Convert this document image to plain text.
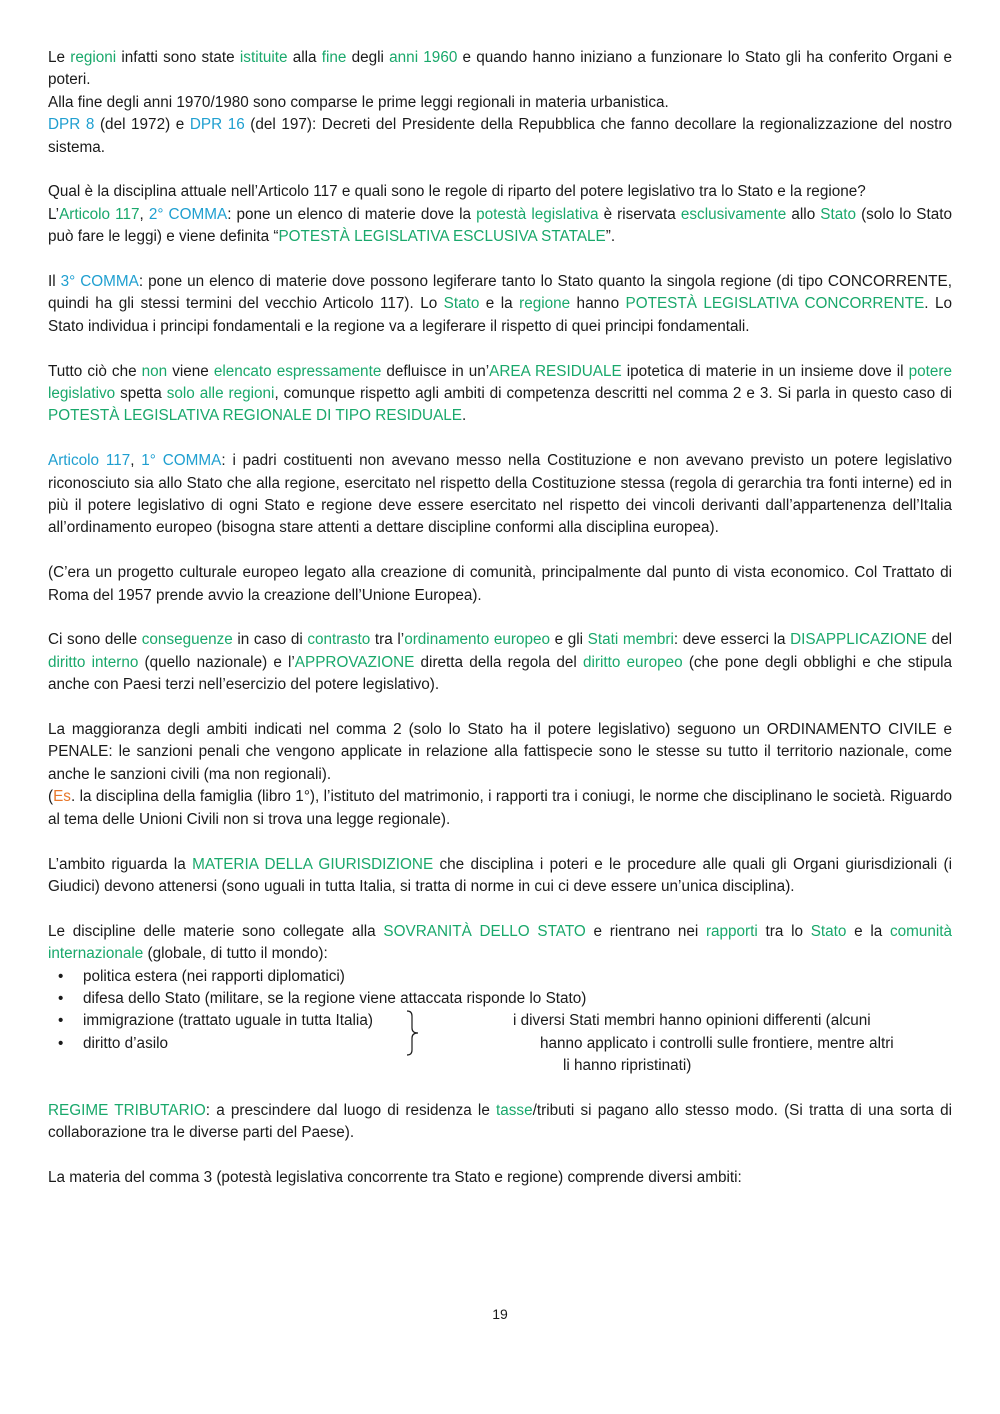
Le regioni infatti sono state istituite alla fine degli anni 1960 e quando hanno iniziano a funzionare lo Stato gli ha conferito Organi e poteri.

Alla fine degli anni 1970/1980 sono comparse le prime leggi regionali in materia urbanistica.

DPR 8 (del 1972) e DPR 16 (del 197): Decreti del Presidente della Repubblica che fanno decollare la regionalizzazione del nostro sistema.

Qual è la disciplina attuale nell’Articolo 117 e quali sono le regole di riparto del potere legislativo tra lo Stato e la regione?

L’Articolo 117, 2° COMMA: pone un elenco di materie dove la potestà legislativa è riservata esclusivamente allo Stato (solo lo Stato può fare le leggi) e viene definita “POTESTÀ LEGISLATIVA ESCLUSIVA STATALE”.

Il 3° COMMA: pone un elenco di materie dove possono legiferare tanto lo Stato quanto la singola regione (di tipo CONCORRENTE, quindi ha gli stessi termini del vecchio Articolo 117). Lo Stato e la regione hanno POTESTÀ LEGISLATIVA CONCORRENTE. Lo Stato individua i principi fondamentali e la regione va a legiferare il rispetto di quei principi fondamentali.

Tutto ciò che non viene elencato espressamente defluisce in un’AREA RESIDUALE ipotetica di materie in un insieme dove il potere legislativo spetta solo alle regioni, comunque rispetto agli ambiti di competenza descritti nel comma 2 e 3. Si parla in questo caso di POTESTÀ LEGISLATIVA REGIONALE DI TIPO RESIDUALE.

Articolo 117, 1° COMMA: i padri costituenti non avevano messo nella Costituzione e non avevano previsto un potere legislativo riconosciuto sia allo Stato che alla regione, esercitato nel rispetto della Costituzione stessa (regola di gerarchia tra fonti interne) ed in più il potere legislativo di ogni Stato e regione deve essere esercitato nel rispetto dei vincoli derivanti dall’appartenenza dell’Italia all’ordinamento europeo (bisogna stare attenti a dettare discipline conformi alla disciplina europea).

(C’era un progetto culturale europeo legato alla creazione di comunità, principalmente dal punto di vista economico. Col Trattato di Roma del 1957 prende avvio la creazione dell’Unione Europea).

Ci sono delle conseguenze in caso di contrasto tra l’ordinamento europeo e gli Stati membri: deve esserci la DISAPPLICAZIONE del diritto interno (quello nazionale) e l’APPROVAZIONE diretta della regola del diritto europeo (che pone degli obblighi e che stipula anche con Paesi terzi nell’esercizio del potere legislativo).

La maggioranza degli ambiti indicati nel comma 2 (solo lo Stato ha il potere legislativo) seguono un ORDINAMENTO CIVILE e PENALE: le sanzioni penali che vengono applicate in relazione alla fattispecie sono le stesse su tutto il territorio nazionale, come anche le sanzioni civili (ma non regionali).

(Es. la disciplina della famiglia (libro 1°), l’istituto del matrimonio, i rapporti tra i coniugi, le norme che disciplinano le società. Riguardo al tema delle Unioni Civili non si trova una legge regionale).

L’ambito riguarda la MATERIA DELLA GIURISDIZIONE che disciplina i poteri e le procedure alle quali gli Organi giurisdizionali (i Giudici) devono attenersi (sono uguali in tutta Italia, si tratta di norme in cui ci deve essere un’unica disciplina).

Le discipline delle materie sono collegate alla SOVRANITÀ DELLO STATO e rientrano nei rapporti tra lo Stato e la comunità internazionale (globale, di tutto il mondo):

• politica estera (nei rapporti diplomatici)
• difesa dello Stato (militare, se la regione viene attaccata risponde lo Stato)
• immigrazione (trattato uguale in tutta Italia)
• diritto d’asilo
i diversi Stati membri hanno opinioni differenti (alcuni
hanno applicato i controlli sulle frontiere, mentre altri
li hanno ripristinati)

REGIME TRIBUTARIO: a prescindere dal luogo di residenza le tasse/tributi si pagano allo stesso modo. (Si tratta di una sorta di collaborazione tra le diverse parti del Paese).

La materia del comma 3 (potestà legislativa concorrente tra Stato e regione) comprende diversi ambiti:

19
